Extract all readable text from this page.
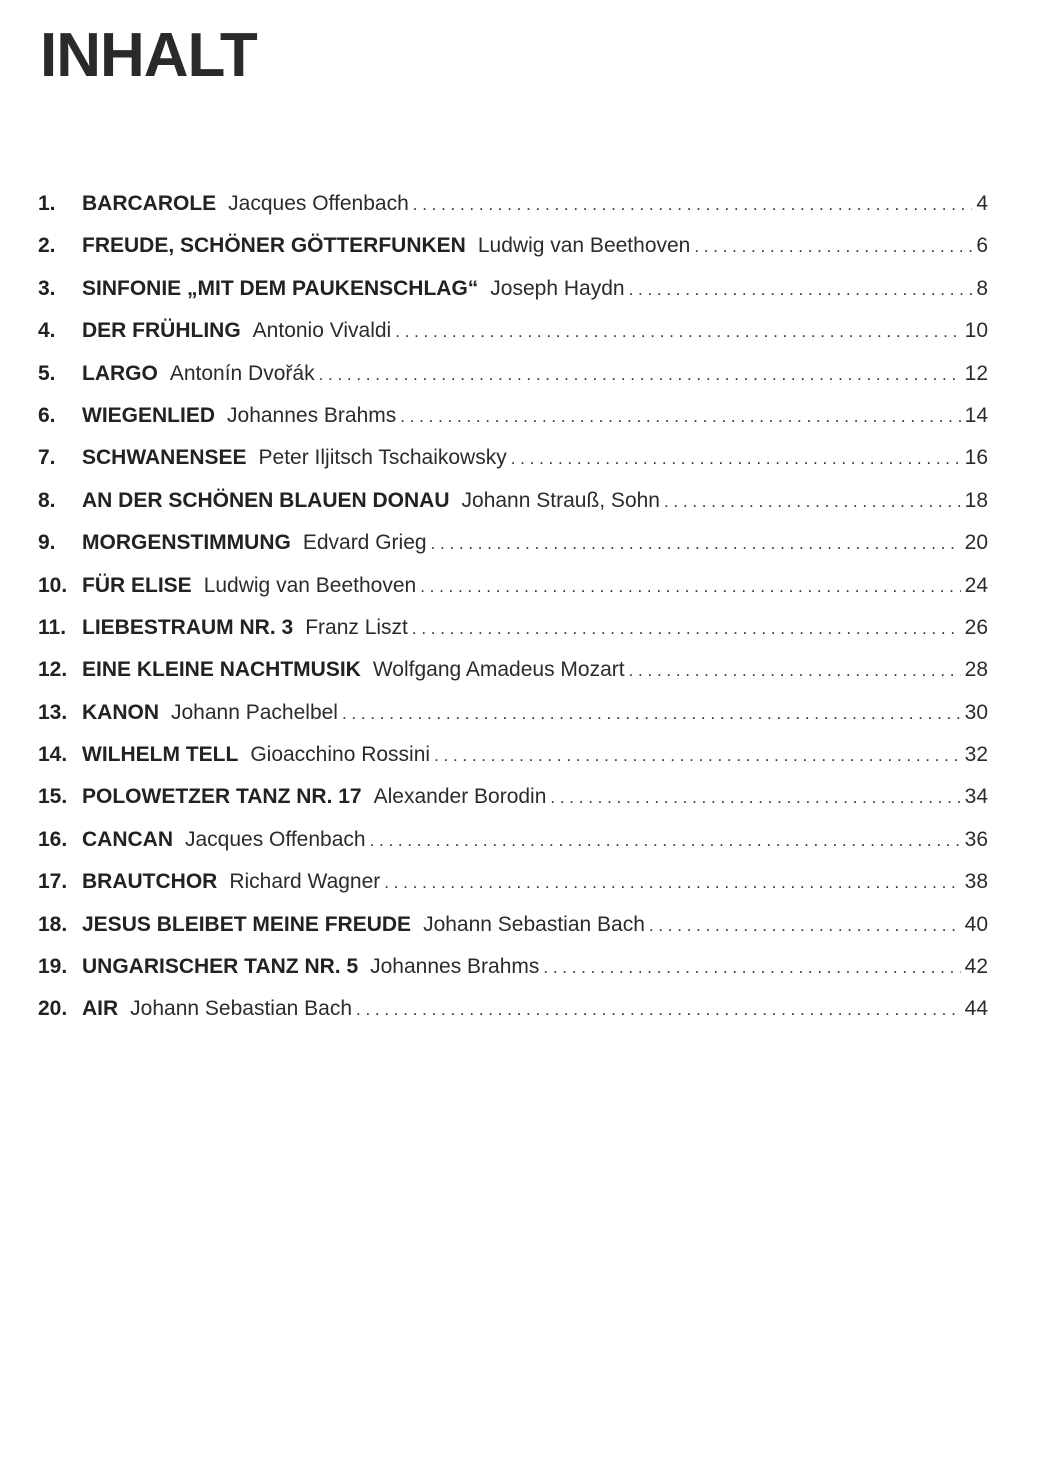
INHALT
1.	BARCAROLE Jacques Offenbach . . .	4
2.	FREUDE, SCHÖNER GÖTTERFUNKEN Ludwig van Beethoven . . .	6
3.	SINFONIE „MIT DEM PAUKENSCHLAG“ Joseph Haydn . . .	8
4.	DER FRÜHLING Antonio Vivaldi . . .	10
5.	LARGO Antonín Dvořák . . .	12
6.	WIEGENLIED Johannes Brahms . . .	14
7.	SCHWANENSEE Peter Iljitsch Tschaikowsky . . .	16
8.	AN DER SCHÖNEN BLAUEN DONAU Johann Strauß, Sohn . . .	18
9.	MORGENSTIMMUNG Edvard Grieg . . .	20
10. FÜR ELISE Ludwig van Beethoven . . .	24
11. LIEBESTRAUM NR. 3 Franz Liszt . . .	26
12. EINE KLEINE NACHTMUSIK Wolfgang Amadeus Mozart . . .	28
13. KANON Johann Pachelbel . . .	30
14. WILHELM TELL Gioacchino Rossini . . .	32
15. POLOWETZER TANZ NR. 17 Alexander Borodin . . .	34
16. CANCAN Jacques Offenbach . . .	36
17. BRAUTCHOR Richard Wagner . . .	38
18. JESUS BLEIBET MEINE FREUDE Johann Sebastian Bach . . .	40
19. UNGARISCHER TANZ NR. 5 Johannes Brahms . . .	42
20. AIR Johann Sebastian Bach . . .	44
